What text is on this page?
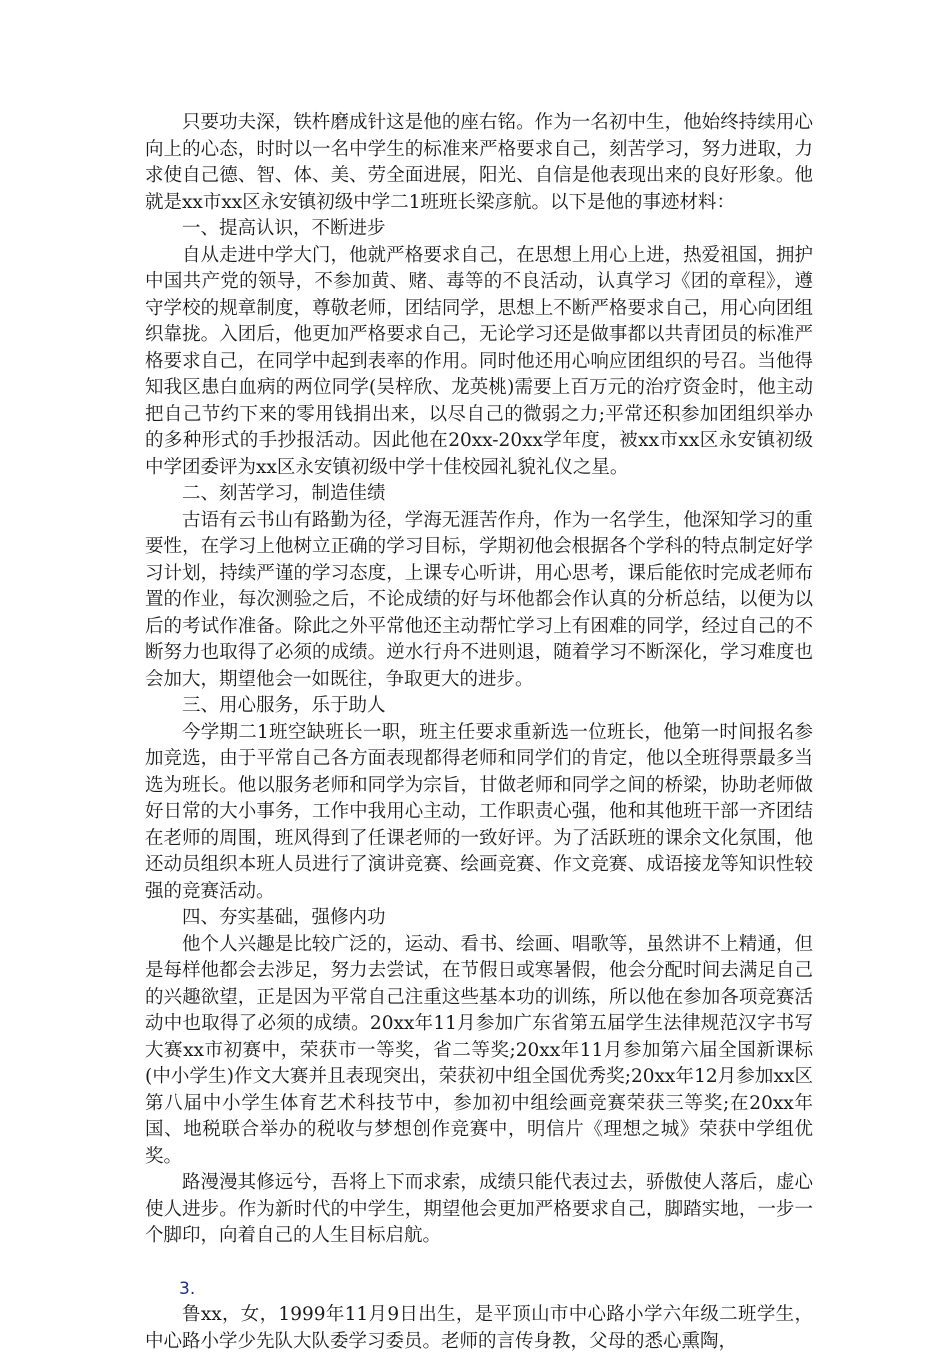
只要功夫深，铁杵磨成针这是他的座右铭。作为一名初中生，他始终持续用心向上的心态，时时以一名中学生的标准来严格要求自己，刻苦学习，努力进取，力求使自己德、智、体、美、劳全面进展，阳光、自信是他表现出来的良好形象。他就是xx市xx区永安镇初级中学二1班班长梁彦航。以下是他的事迹材料：

一、提高认识，不断进步

自从走进中学大门，他就严格要求自己，在思想上用心上进，热爱祖国，拥护中国共产党的领导，不参加黄、赌、毒等的不良活动，认真学习《团的章程》，遵守学校的规章制度，尊敬老师，团结同学，思想上不断严格要求自己，用心向团组织靠拢。入团后，他更加严格要求自己，无论学习还是做事都以共青团员的标准严格要求自己，在同学中起到表率的作用。同时他还用心响应团组织的号召。当他得知我区患白血病的两位同学(吴梓欣、龙英桃)需要上百万元的治疗资金时，他主动把自己节约下来的零用钱捐出来，以尽自己的微弱之力;平常还积参加团组织举办的多种形式的手抄报活动。因此他在20xx-20xx学年度，被xx市xx区永安镇初级中学团委评为xx区永安镇初级中学十佳校园礼貌礼仪之星。

二、刻苦学习，制造佳绩

古语有云书山有路勤为径，学海无涯苦作舟，作为一名学生，他深知学习的重要性，在学习上他树立正确的学习目标，学期初他会根据各个学科的特点制定好学习计划，持续严谨的学习态度，上课专心听讲，用心思考，课后能依时完成老师布置的作业，每次测验之后，不论成绩的好与坏他都会作认真的分析总结，以便为以后的考试作准备。除此之外平常他还主动帮忙学习上有困难的同学，经过自己的不断努力也取得了必须的成绩。逆水行舟不进则退，随着学习不断深化，学习难度也会加大，期望他会一如既往，争取更大的进步。

三、用心服务，乐于助人

今学期二1班空缺班长一职，班主任要求重新选一位班长，他第一时间报名参加竞选，由于平常自己各方面表现都得老师和同学们的肯定，他以全班得票最多当选为班长。他以服务老师和同学为宗旨，甘做老师和同学之间的桥梁，协助老师做好日常的大小事务，工作中我用心主动，工作职责心强，他和其他班干部一齐团结在老师的周围，班风得到了任课老师的一致好评。为了活跃班的课余文化氛围，他还动员组织本班人员进行了演讲竞赛、绘画竞赛、作文竞赛、成语接龙等知识性较强的竞赛活动。

四、夯实基础，强修内功

他个人兴趣是比较广泛的，运动、看书、绘画、唱歌等，虽然讲不上精通，但是每样他都会去涉足，努力去尝试，在节假日或寒暑假，他会分配时间去满足自己的兴趣欲望，正是因为平常自己注重这些基本功的训练，所以他在参加各项竞赛活动中也取得了必须的成绩。20xx年11月参加广东省第五届学生法律规范汉字书写大赛xx市初赛中，荣获市一等奖，省二等奖;20xx年11月参加第六届全国新课标(中小学生)作文大赛并且表现突出，荣获初中组全国优秀奖;20xx年12月参加xx区第八届中小学生体育艺术科技节中，参加初中组绘画竞赛荣获三等奖;在20xx年国、地税联合举办的税收与梦想创作竞赛中，明信片《理想之城》荣获中学组优奖。

路漫漫其修远兮，吾将上下而求索，成绩只能代表过去，骄傲使人落后，虚心使人进步。作为新时代的中学生，期望他会更加严格要求自己，脚踏实地，一步一个脚印，向着自己的人生目标启航。

3.

鲁xx，女，1999年11月9日出生，是平顶山市中心路小学六年级二班学生，中心路小学少先队大队委学习委员。老师的言传身教，父母的悉心熏陶，
